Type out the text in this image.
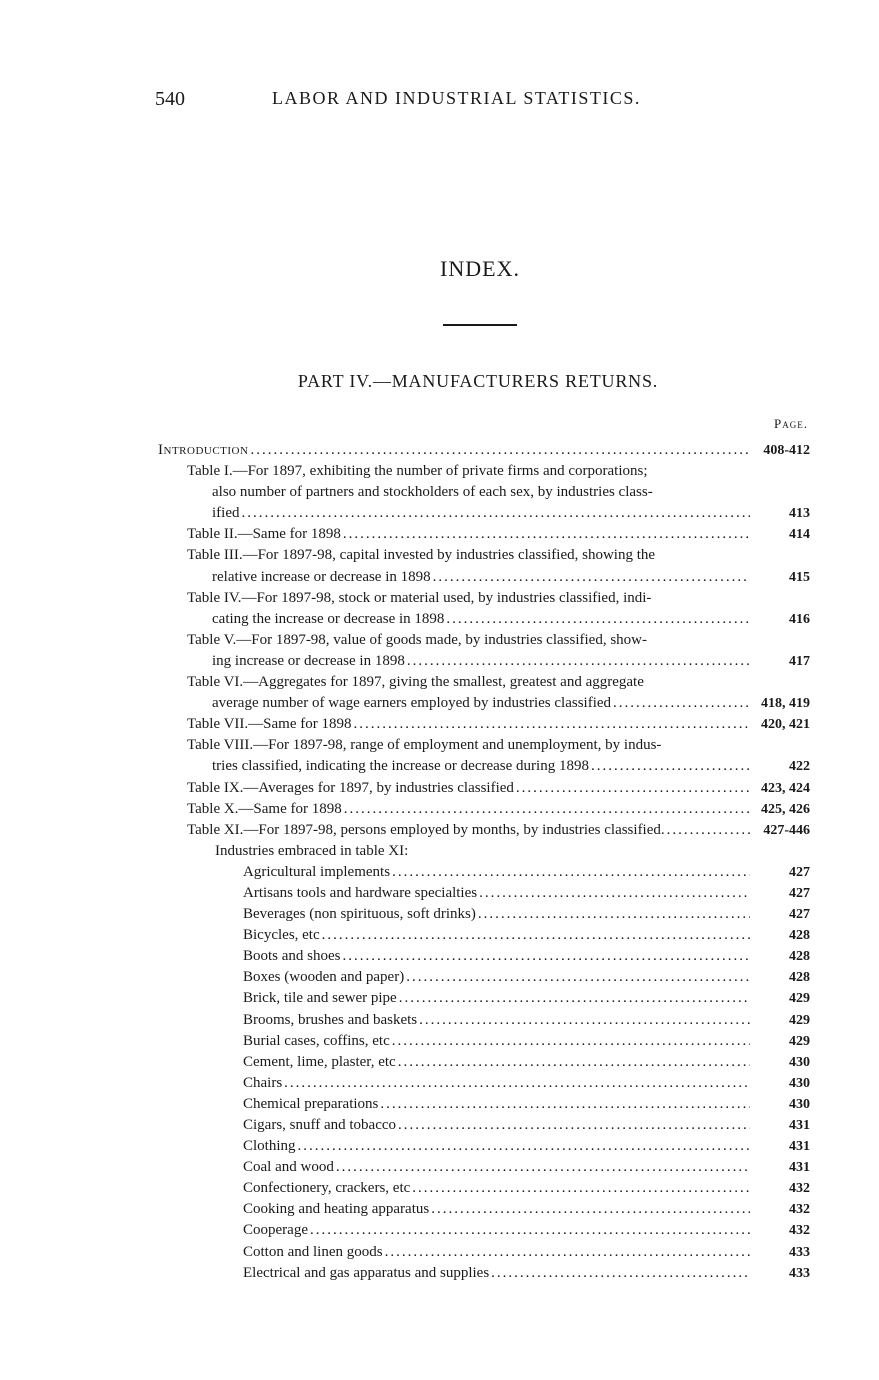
540	LABOR AND INDUSTRIAL STATISTICS.
INDEX.
PART IV.—MANUFACTURERS RETURNS.
Page.
Introduction .....	408-412
Table I.—For 1897, exhibiting the number of private firms and corporations;
also number of partners and stockholders of each sex, by industries class-
ified .....	413
Table II.—Same for 1898 .....	414
Table III.—For 1897-98, capital invested by industries classified, showing the
relative increase or decrease in 1898 .....	415
Table IV.—For 1897-98, stock or material used, by industries classified, indi-
cating the increase or decrease in 1898 .....	416
Table V.—For 1897-98, value of goods made, by industries classified, show-
ing increase or decrease in 1898 .....	417
Table VI.—Aggregates for 1897, giving the smallest, greatest and aggregate
average number of wage earners employed by industries classified .....	418, 419
Table VII.—Same for 1898 .....	420, 421
Table VIII.—For 1897-98, range of employment and unemployment, by indus-
tries classified, indicating the increase or decrease during 1898 .....	422
Table IX.—Averages for 1897, by industries classified .....	423, 424
Table X.—Same for 1898 .....	425, 426
Table XI.—For 1897-98, persons employed by months, by industries classified. .....	427-446
Industries embraced in table XI:
Agricultural implements .....	427
Artisans tools and hardware specialties .....	427
Beverages (non spirituous, soft drinks) .....	427
Bicycles, etc .....	428
Boots and shoes .....	428
Boxes (wooden and paper) .....	428
Brick, tile and sewer pipe .....	429
Brooms, brushes and baskets .....	429
Burial cases, coffins, etc .....	429
Cement, lime, plaster, etc .....	430
Chairs .....	430
Chemical preparations .....	430
Cigars, snuff and tobacco .....	431
Clothing .....	431
Coal and wood .....	431
Confectionery, crackers, etc .....	432
Cooking and heating apparatus .....	432
Cooperage .....	432
Cotton and linen goods .....	433
Electrical and gas apparatus and supplies .....	433
